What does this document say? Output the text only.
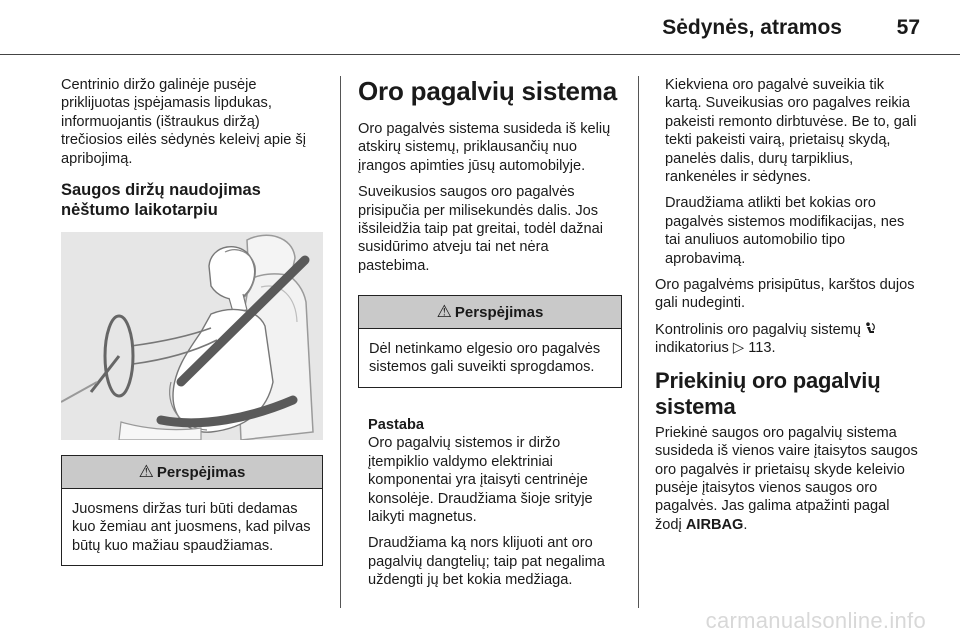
Sėdynės, atramos	57

Centrinio diržo galinėje pusėje priklijuotas įspėjamasis lipdukas, informuojantis (ištraukus diržą) trečiosios eilės sėdynės keleivį apie šį apribojimą.

Saugos diržų naudojimas nėštumo laikotarpiu
⚠ Perspėjimas
Juosmens diržas turi būti dedamas kuo žemiau ant juosmens, kad pilvas būtų kuo mažiau spaudžiamas.
Oro pagalvių sistema

Oro pagalvės sistema susideda iš kelių atskirų sistemų, priklausančių nuo įrangos apimties jūsų automobilyje.

Suveikusios saugos oro pagalvės prisipučia per milisekundės dalis. Jos išsileidžia taip pat greitai, todėl dažnai susidūrimo atveju tai net nėra pastebima.

⚠ Perspėjimas
Dėl netinkamo elgesio oro pagalvės sistemos gali suveikti sprogdamos.

Pastaba

Oro pagalvių sistemos ir diržo įtempiklio valdymo elektriniai komponentai yra įtaisyti centrinėje konsolėje. Draudžiama šioje srityje laikyti magnetus.

Draudžiama ką nors klijuoti ant oro pagalvių dangtelių; taip pat negalima uždengti jų bet kokia medžiaga.

Kiekviena oro pagalvė suveikia tik kartą. Suveikusias oro pagalves reikia pakeisti remonto dirbtuvėse. Be to, gali tekti pakeisti vairą, prietaisų skydą, panelės dalis, durų tarpiklius, rankenėles ir sėdynes.

Draudžiama atlikti bet kokias oro pagalvės sistemos modifikacijas, nes tai anuliuos automobilio tipo aprobavimą.

Oro pagalvėms prisipūtus, karštos dujos gali nudeginti.

Kontrolinis oro pagalvių sistemų
indikatorius ▷ 113.

Priekinių oro pagalvių sistema

Priekinė saugos oro pagalvių sistema susideda iš vienos vaire įtaisytos saugos oro pagalvės ir prietaisų skyde keleivio pusėje įtaisytos vienos saugos oro pagalvės. Jas galima atpažinti pagal žodį AIRBAG.

carmanualsonline.info
